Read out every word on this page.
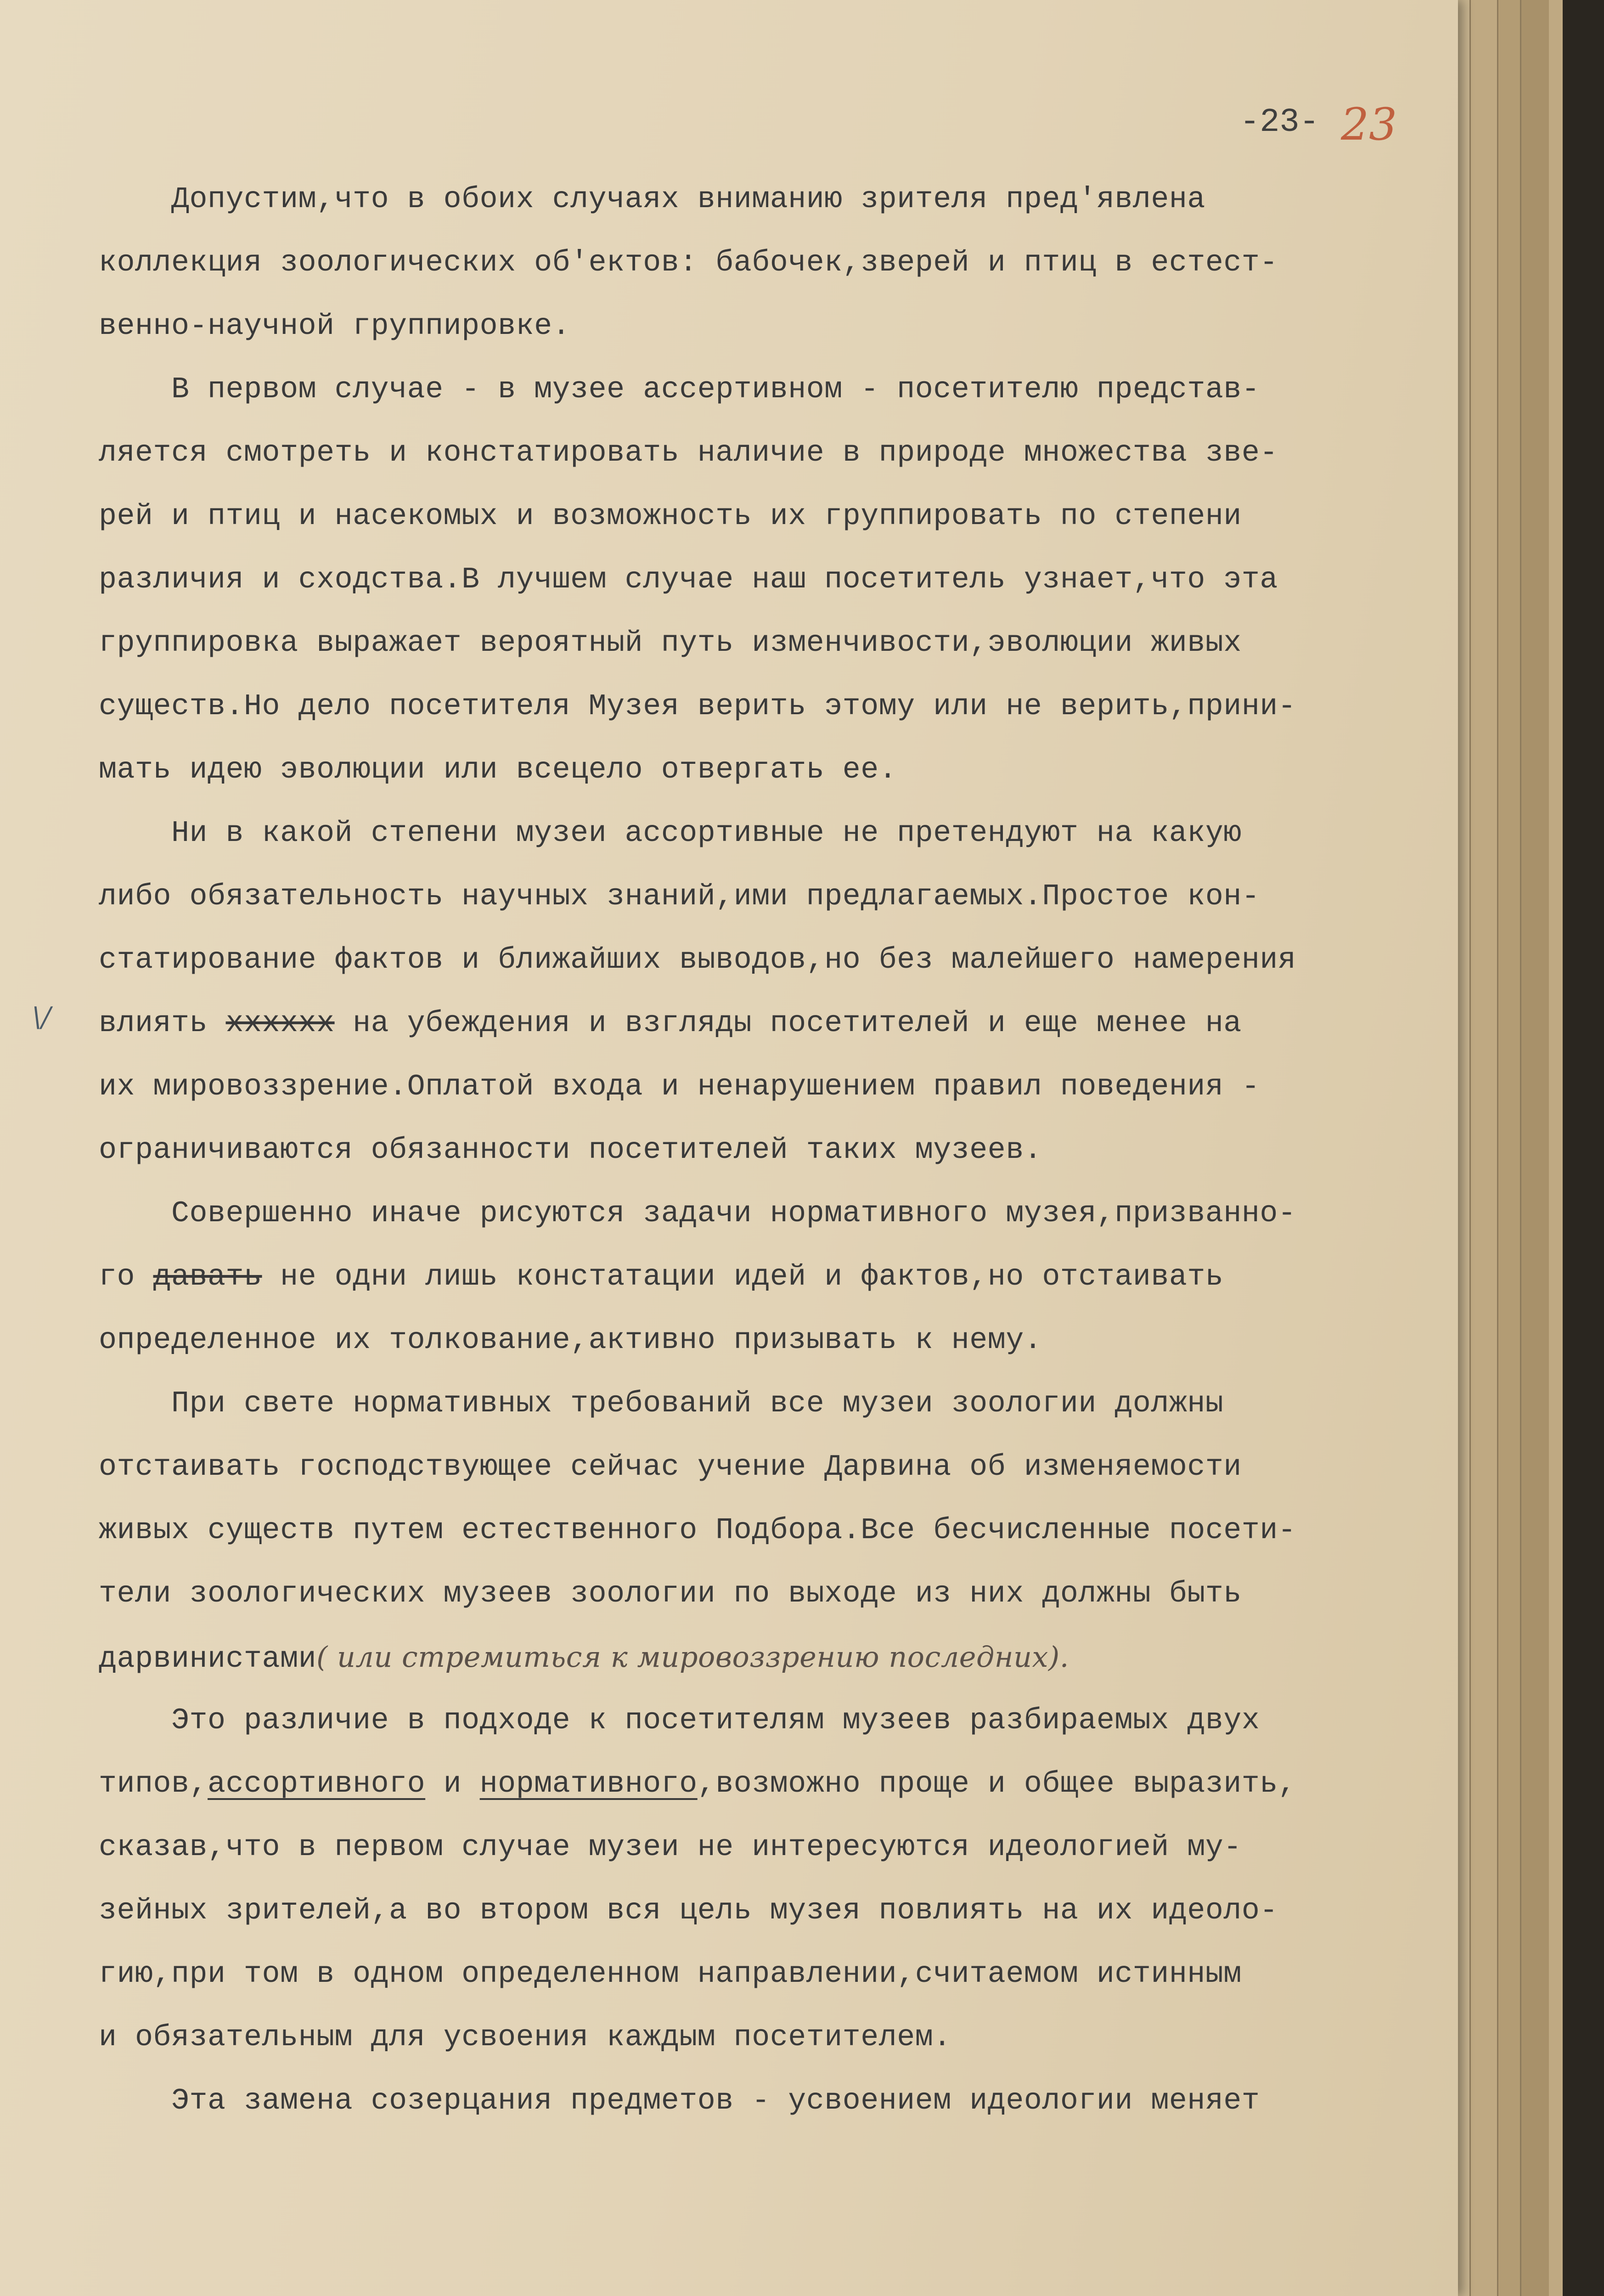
-23- 23
\/
Допустим,что в обоих случаях вниманию зрителя пред'явлена
коллекция зоологических об'ектов: бабочек,зверей и птиц в естест-
венно-научной группировке.
В первом случае - в музее ассертивном - посетителю представ-
ляется смотреть и констатировать наличие в природе множества зве-
рей и птиц и насекомых и возможность их группировать по степени
различия и сходства.В лучшем случае наш посетитель узнает,что эта
группировка выражает вероятный путь изменчивости,эволюции живых
существ.Но дело посетителя Музея верить этому или не верить,прини-
мать идею эволюции или всецело отвергать ее.
Ни в какой степени музеи ассортивные не претендуют на какую
либо обязательность научных знаний,ими предлагаемых.Простое кон-
статирование фактов и ближайших выводов,но без малейшего намерения
влиять хххххх на убеждения и взгляды посетителей и еще менее на
их мировоззрение.Оплатой входа и ненарушением правил поведения -
ограничиваются обязанности посетителей таких музеев.
Совершенно иначе рисуются задачи нормативного музея,призванно-
го давать не одни лишь констатации идей и фактов,но отстаивать
определенное их толкование,активно призывать к нему.
При свете нормативных требований все музеи зоологии должны
отстаивать господствующее сейчас учение Дарвина об изменяемости
живых существ путем естественного Подбора.Все бесчисленные посети-
тели зоологических музеев зоологии по выходе из них должны быть
дарвинистами( или стремиться к мировоззрению последних).
Это различие в подходе к посетителям музеев разбираемых двух
типов,ассортивного и нормативного,возможно проще и общее выразить,
сказав,что в первом случае музеи не интересуются идеологией му-
зейных зрителей,а во втором вся цель музея повлиять на их идеоло-
гию,при том в одном определенном направлении,считаемом истинным
и обязательным для усвоения каждым посетителем.
Эта замена созерцания предметов - усвоением идеологии меняет
